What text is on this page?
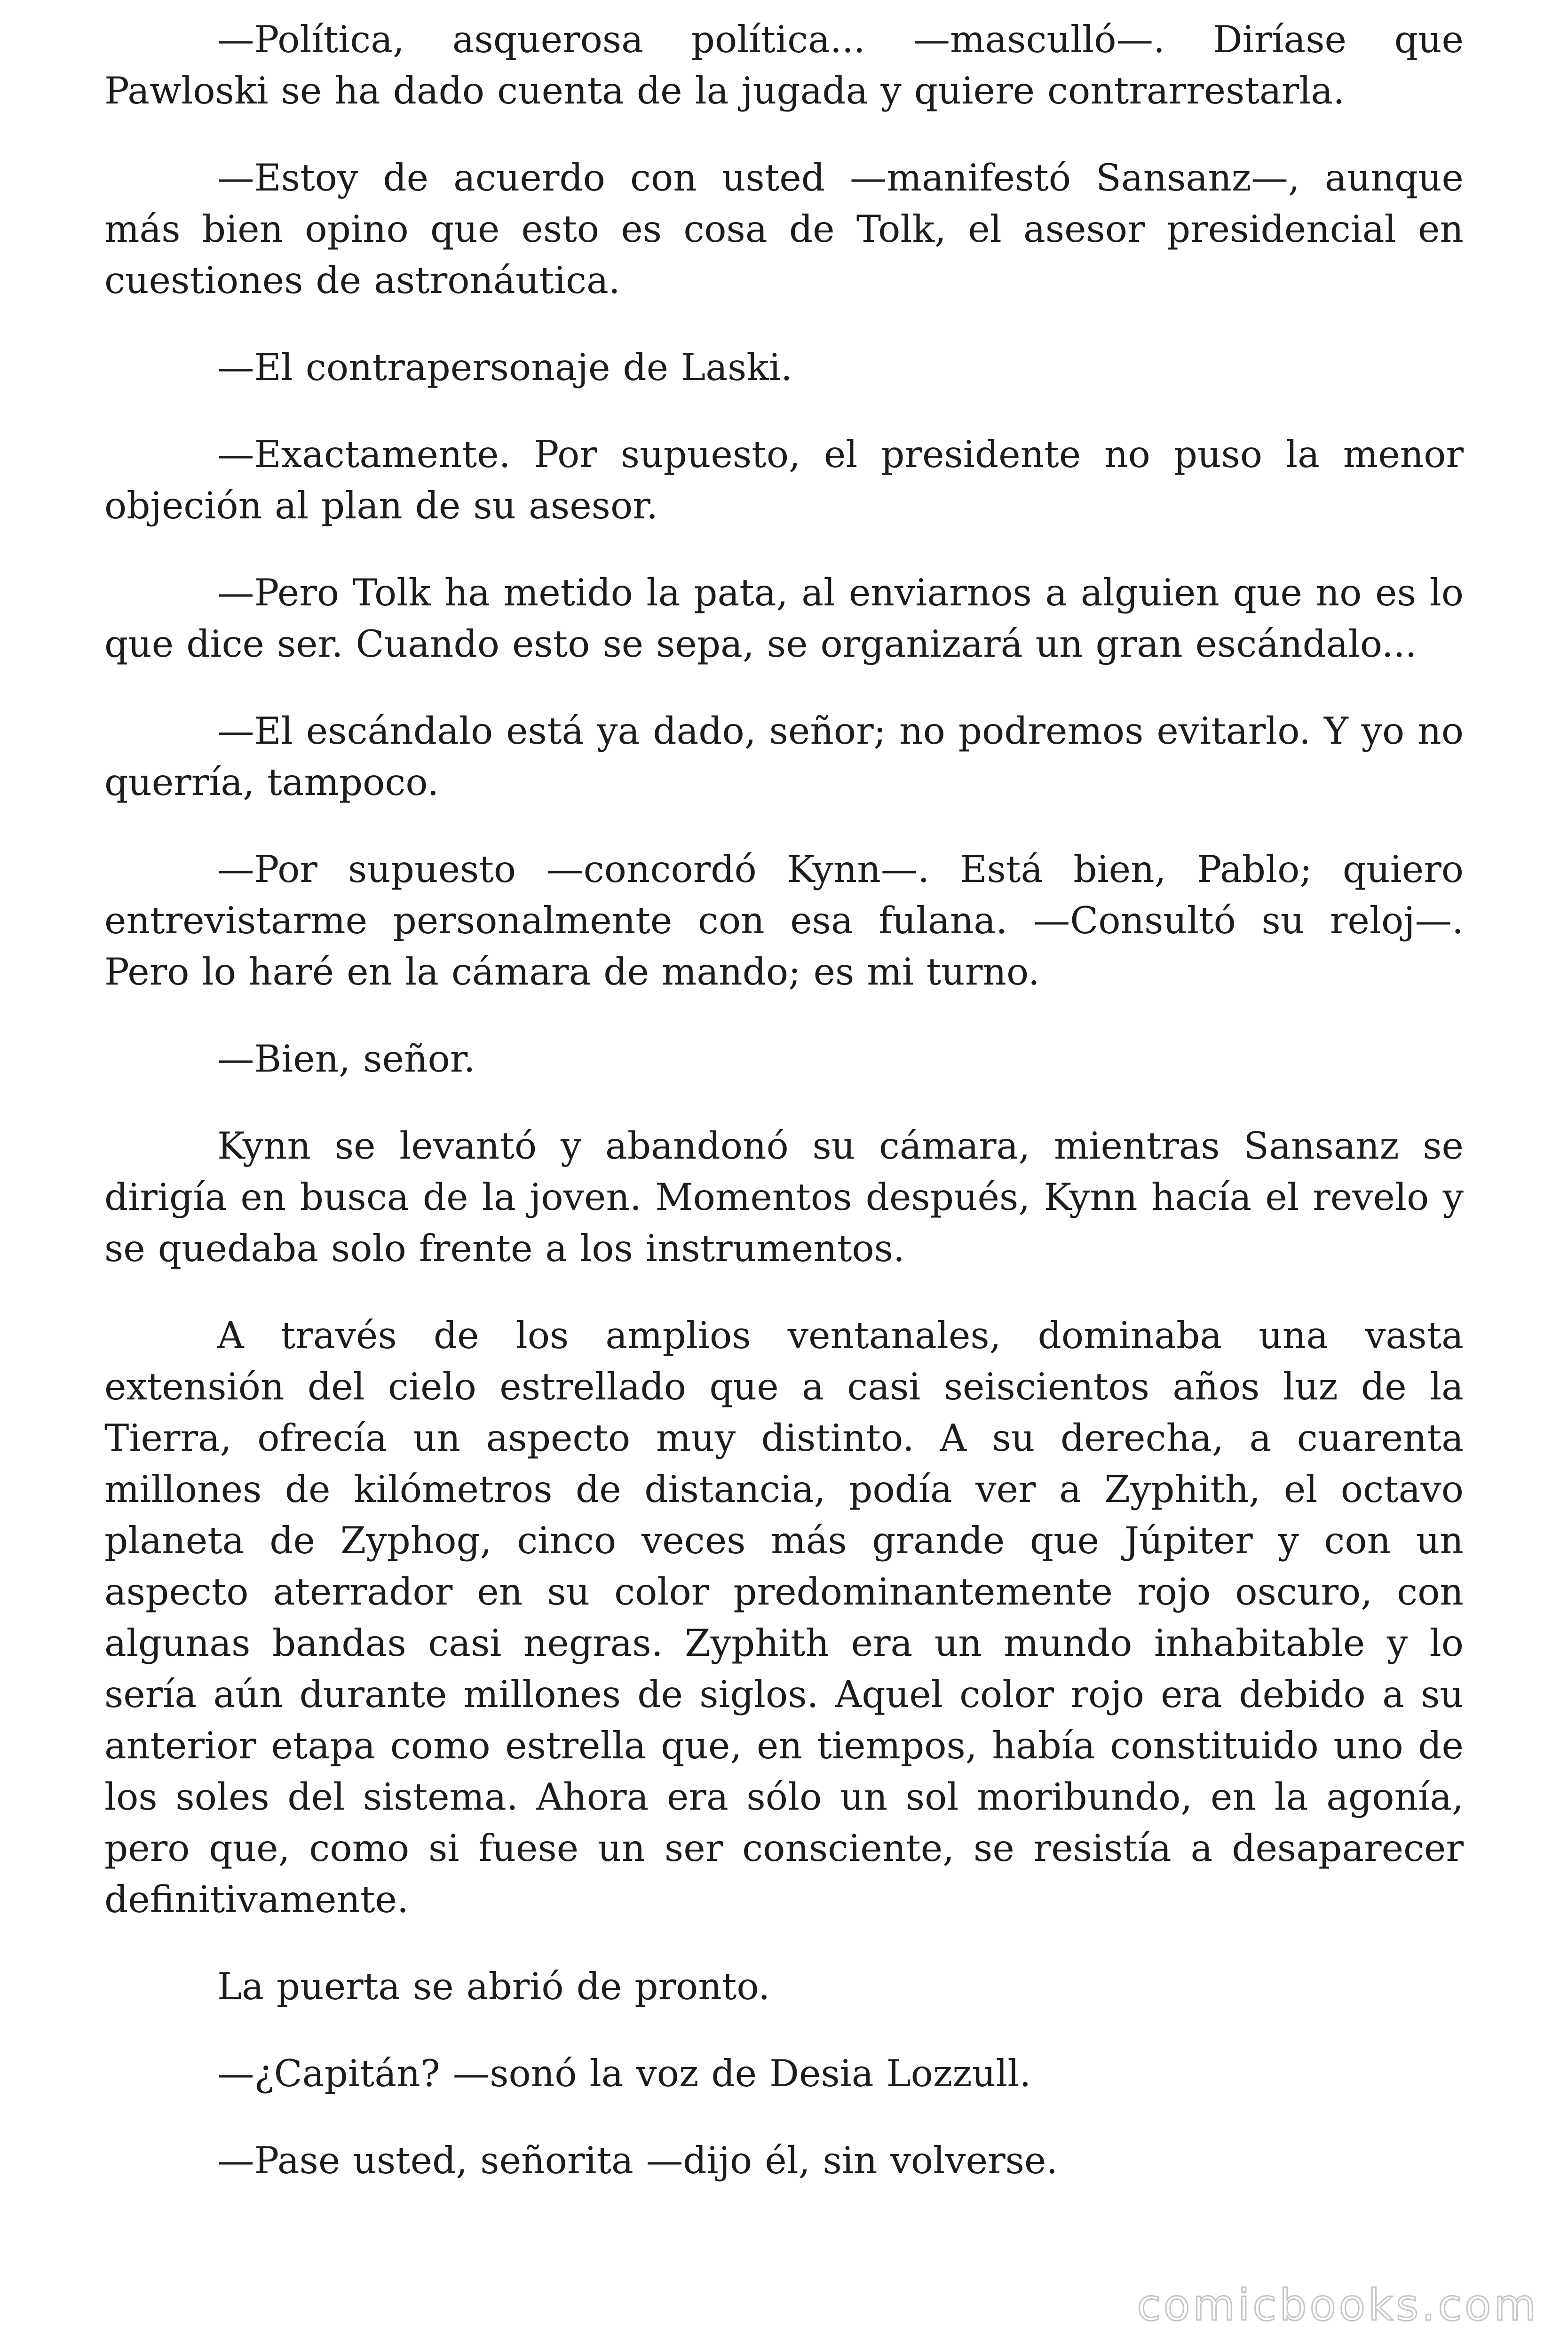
—Política, asquerosa política... —mascullό—. Diríase que Pawloski se ha dado cuenta de la jugada y quiere contrarrestarla.

—Estoy de acuerdo con usted —manifestó Sansanz—, aunque más bien opino que esto es cosa de Tolk, el asesor presidencial en cuestiones de astronáutica.

—El contrapersonaje de Laski.

—Exactamente. Por supuesto, el presidente no puso la menor objeción al plan de su asesor.

—Pero Tolk ha metido la pata, al enviarnos a alguien que no es lo que dice ser. Cuando esto se sepa, se organizará un gran escándalo...

—El escándalo está ya dado, señor; no podremos evitarlo. Y yo no querría, tampoco.

—Por supuesto —concordó Kynn—. Está bien, Pablo; quiero entrevistarme personalmente con esa fulana. —Consultó su reloj—. Pero lo haré en la cámara de mando; es mi turno.

—Bien, señor.

Kynn se levantó y abandonó su cámara, mientras Sansanz se dirigía en busca de la joven. Momentos después, Kynn hacía el revelo y se quedaba solo frente a los instrumentos.

A través de los amplios ventanales, dominaba una vasta extensión del cielo estrellado que a casi seiscientos años luz de la Tierra, ofrecía un aspecto muy distinto. A su derecha, a cuarenta millones de kilómetros de distancia, podía ver a Zyphith, el octavo planeta de Zyphog, cinco veces más grande que Júpiter y con un aspecto aterrador en su color predominantemente rojo oscuro, con algunas bandas casi negras. Zyphith era un mundo inhabitable y lo sería aún durante millones de siglos. Aquel color rojo era debido a su anterior etapa como estrella que, en tiempos, había constituido uno de los soles del sistema. Ahora era sólo un sol moribundo, en la agonía, pero que, como si fuese un ser consciente, se resistía a desaparecer definitivamente.

La puerta se abrió de pronto.

—¿Capitán? —sonó la voz de Desia Lozzull.

—Pase usted, señorita —dijo él, sin volverse.

comicbooks.com
